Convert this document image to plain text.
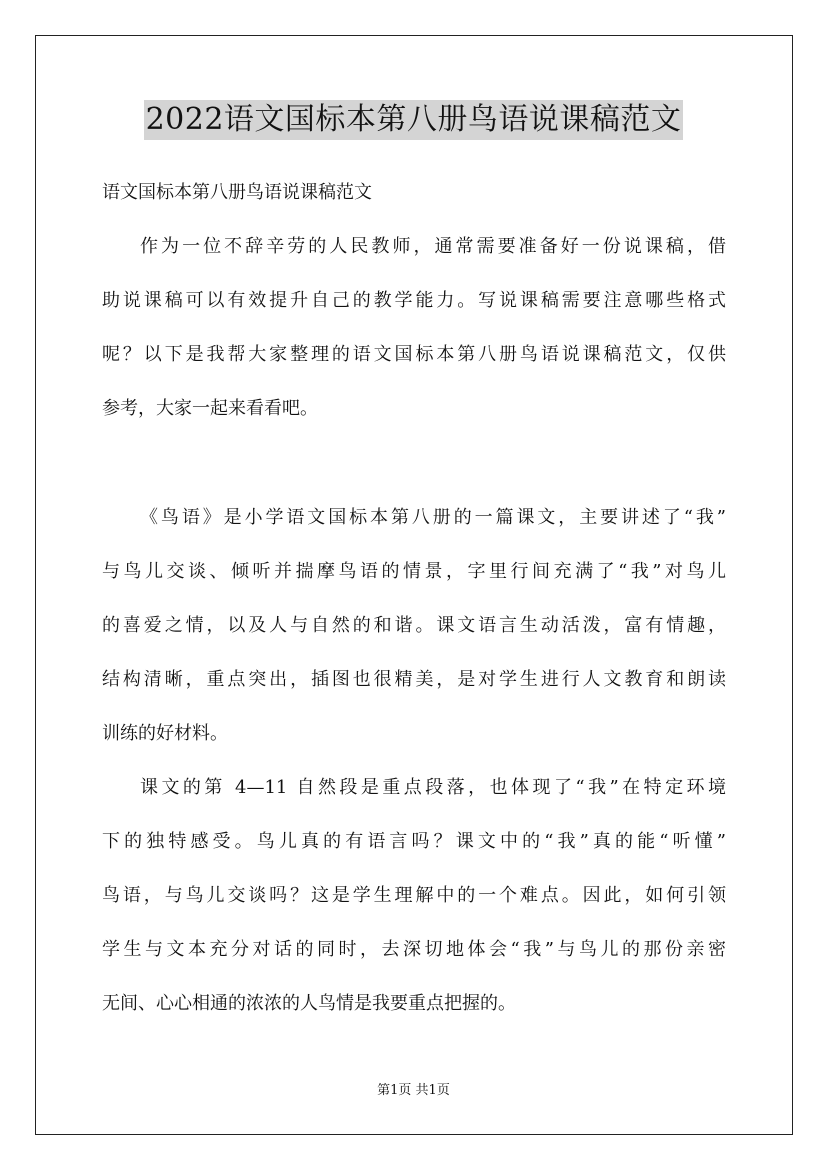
2022语文国标本第八册鸟语说课稿范文
语文国标本第八册鸟语说课稿范文
作为一位不辞辛劳的人民教师，通常需要准备好一份说课稿，借
助说课稿可以有效提升自己的教学能力。写说课稿需要注意哪些格式
呢？以下是我帮大家整理的语文国标本第八册鸟语说课稿范文，仅供
参考，大家一起来看看吧。
《鸟语》是小学语文国标本第八册的一篇课文，主要讲述了“我”
与鸟儿交谈、倾听并揣摩鸟语的情景，字里行间充满了“我”对鸟儿
的喜爱之情，以及人与自然的和谐。课文语言生动活泼，富有情趣，
结构清晰，重点突出，插图也很精美，是对学生进行人文教育和朗读
训练的好材料。
课文的第 4—11 自然段是重点段落，也体现了“我”在特定环境
下的独特感受。鸟儿真的有语言吗？课文中的“我”真的能“听懂”
鸟语，与鸟儿交谈吗？这是学生理解中的一个难点。因此，如何引领
学生与文本充分对话的同时，去深切地体会“我”与鸟儿的那份亲密
无间、心心相通的浓浓的人鸟情是我要重点把握的。
第1页 共1页
